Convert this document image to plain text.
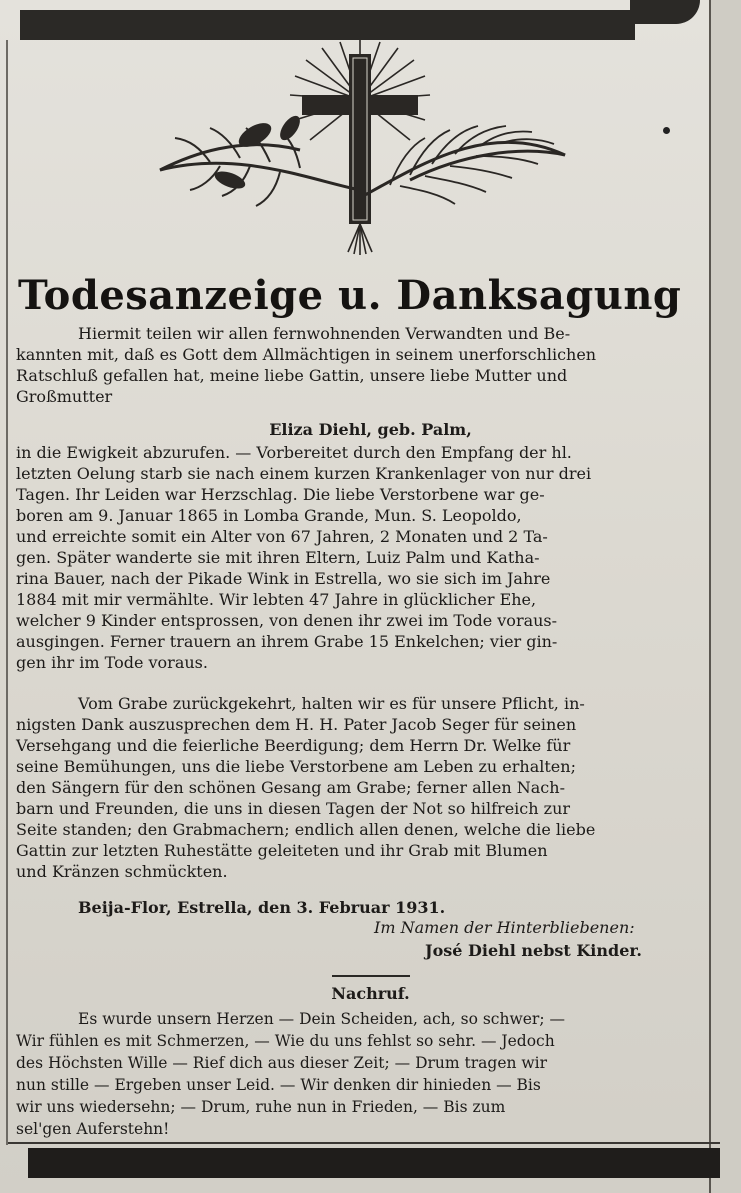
Todesanzeige u. Danksagung
Hiermit teilen wir allen fernwohnenden Verwandten und Be-
kannten mit, daß es Gott dem Allmächtigen in seinem unerforschlichen
Ratschluß gefallen hat, meine liebe Gattin, unsere liebe Mutter und
Großmutter
Eliza Diehl, geb. Palm,
in die Ewigkeit abzurufen. — Vorbereitet durch den Empfang der hl.
letzten Oelung starb sie nach einem kurzen Krankenlager von nur drei
Tagen. Ihr Leiden war Herzschlag. Die liebe Verstorbene war ge-
boren am 9. Januar 1865 in Lomba Grande, Mun. S. Leopoldo,
und erreichte somit ein Alter von 67 Jahren, 2 Monaten und 2 Ta-
gen. Später wanderte sie mit ihren Eltern, Luiz Palm und Katha-
rina Bauer, nach der Pikade Wink in Estrella, wo sie sich im Jahre
1884 mit mir vermählte. Wir lebten 47 Jahre in glücklicher Ehe,
welcher 9 Kinder entsprossen, von denen ihr zwei im Tode voraus-
ausgingen. Ferner trauern an ihrem Grabe 15 Enkelchen; vier gin-
gen ihr im Tode voraus.
Vom Grabe zurückgekehrt, halten wir es für unsere Pflicht, in-
nigsten Dank auszusprechen dem H. H. Pater Jacob Seger für seinen
Versehgang und die feierliche Beerdigung; dem Herrn Dr. Welke für
seine Bemühungen, uns die liebe Verstorbene am Leben zu erhalten;
den Sängern für den schönen Gesang am Grabe; ferner allen Nach-
barn und Freunden, die uns in diesen Tagen der Not so hilfreich zur
Seite standen; den Grabmachern; endlich allen denen, welche die liebe
Gattin zur letzten Ruhestätte geleiteten und ihr Grab mit Blumen
und Kränzen schmückten.
Beija-Flor, Estrella, den 3. Februar 1931.
Im Namen der Hinterbliebenen:
José Diehl nebst Kinder.
Nachruf.
Es wurde unsern Herzen — Dein Scheiden, ach, so schwer; —
Wir fühlen es mit Schmerzen, — Wie du uns fehlst so sehr. — Jedoch
des Höchsten Wille — Rief dich aus dieser Zeit; — Drum tragen wir
nun stille — Ergeben unser Leid. — Wir denken dir hinieden — Bis
wir uns wiedersehn; — Drum, ruhe nun in Frieden, — Bis zum
sel'gen Auferstehn!
